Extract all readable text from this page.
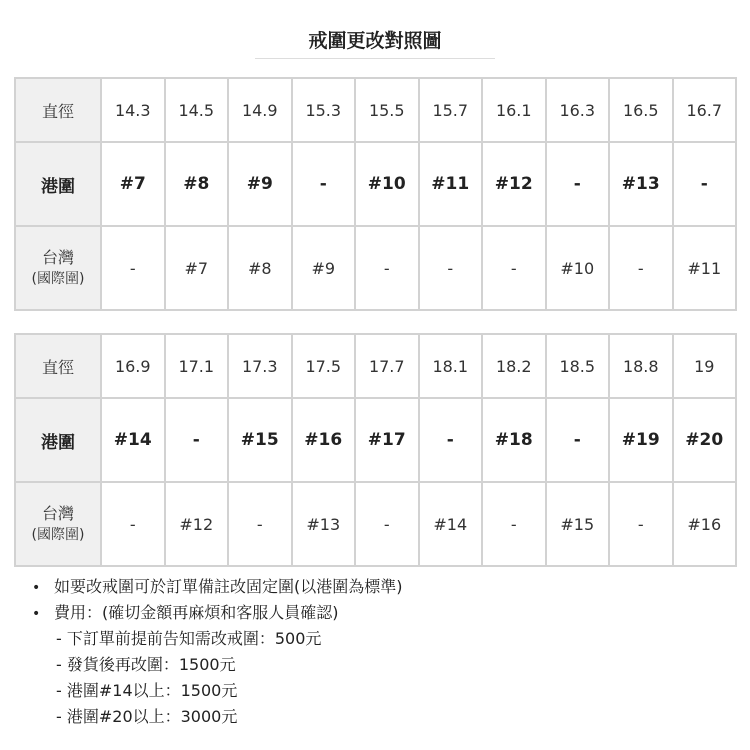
戒圍更改對照圖
直徑	14.3	14.5	14.9	15.3	15.5	15.7	16.1	16.3	16.5	16.7
港圍	#7	#8	#9	-	#10	#11	#12	-	#13	-

台灣
(國際圍)	-	#7	#8	#9	-	-	-	#10	-	#11
直徑	16.9	17.1	17.3	17.5	17.7	18.1	18.2	18.5	18.8	19
港圍	#14	-	#15	#16	#17	-	#18	-	#19	#20

台灣
(國際圍)	-	#12	-	#13	-	#14	-	#15	-	#16
• 如要改戒圍可於訂單備註改固定圍(以港圍為標準)
• 費用：(確切金額再麻煩和客服人員確認)
- 下訂單前提前告知需改戒圍：500元
- 發貨後再改圍：1500元
- 港圍#14以上：1500元
- 港圍#20以上：3000元
